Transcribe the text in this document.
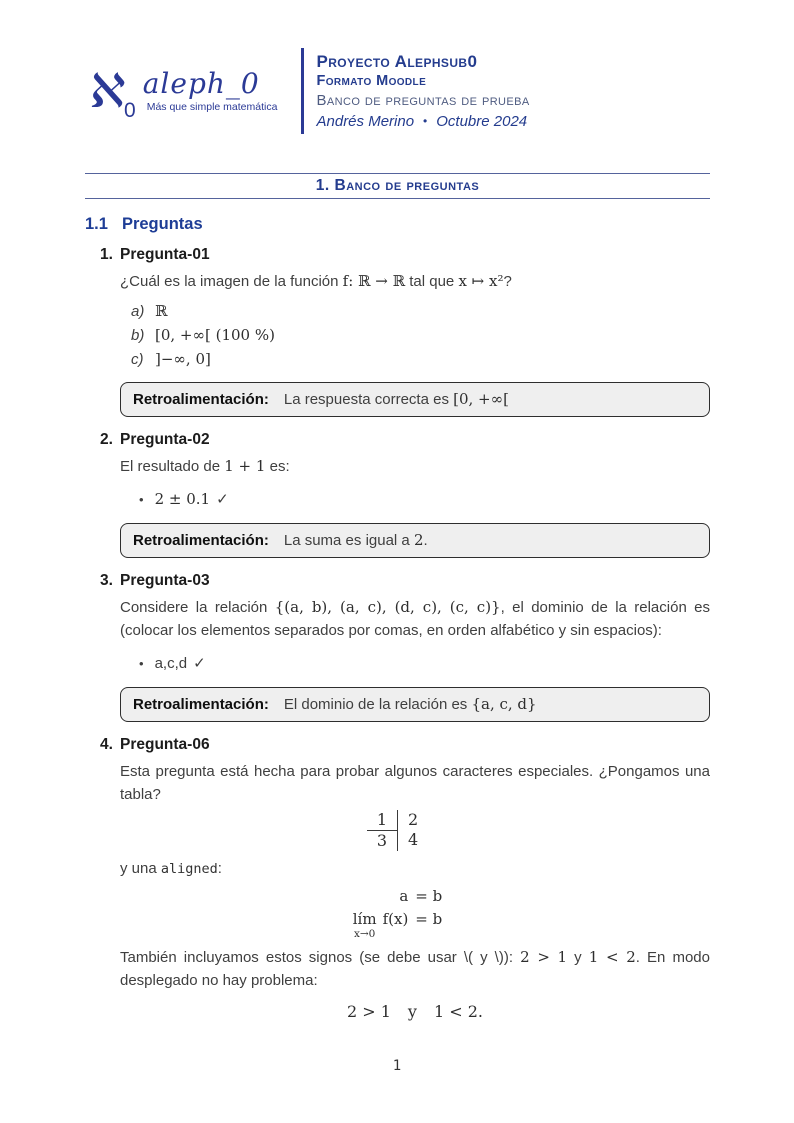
ℵ
0
aleph_0
Más que simple matemática
Proyecto Alephsub0
Formato Moodle
Banco de preguntas de prueba
Andrés Merino • Octubre 2024
1. Banco de preguntas
1.1 Preguntas
1. Pregunta-01

¿Cuál es la imagen de la función f: ℝ → ℝ tal que x ↦ x²?

a) ℝ
b) [0, +∞[ (100 %)
c) ]−∞, 0]
Retroalimentación: La respuesta correcta es [0, +∞[
2. Pregunta-02

El resultado de 1 + 1 es:

• 2 ± 0.1 ✓
Retroalimentación: La suma es igual a 2.
3. Pregunta-03

Considere la relación {(a, b), (a, c), (d, c), (c, c)}, el dominio de la relación es (colocar los elementos separados por comas, en orden alfabético y sin espacios):

• a,c,d ✓
Retroalimentación: El dominio de la relación es {a, c, d}
4. Pregunta-06

Esta pregunta está hecha para probar algunos caracteres especiales. ¿Pongamos una tabla?

1	2
3	4

y una aligned:

a = b
lím
x→0
f(x) = b

También incluyamos estos signos (se debe usar \( y \)): 2 > 1 y 1 < 2. En modo desplegado no hay problema:

2 > 1 y 1 < 2.
1
